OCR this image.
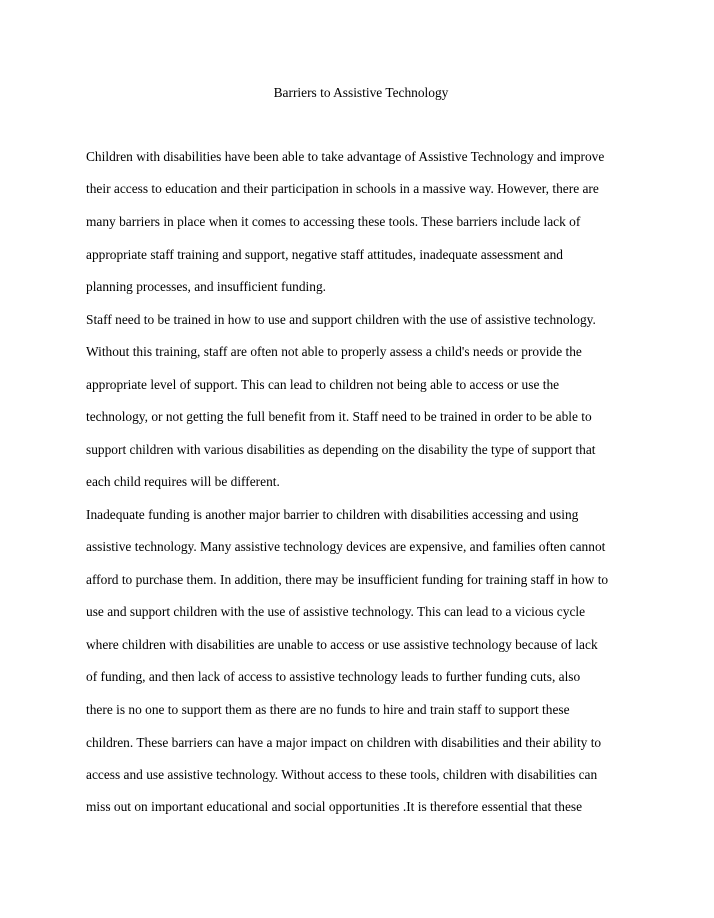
Barriers to Assistive Technology
Children with disabilities have been able to take advantage of Assistive Technology and improve
their access to education and their participation in schools in a massive way. However, there are
many barriers in place when it comes to accessing these tools. These barriers include lack of
appropriate staff training and support, negative staff attitudes, inadequate assessment and
planning processes, and insufficient funding.
Staff need to be trained in how to use and support children with the use of assistive technology.
Without this training, staff are often not able to properly assess a child's needs or provide the
appropriate level of support. This can lead to children not being able to access or use the
technology, or not getting the full benefit from it. Staff need to be trained in order to be able to
support children with various disabilities as depending on the disability the type of support that
each child requires will be different.
Inadequate funding is another major barrier to children with disabilities accessing and using
assistive technology. Many assistive technology devices are expensive, and families often cannot
afford to purchase them. In addition, there may be insufficient funding for training staff in how to
use and support children with the use of assistive technology. This can lead to a vicious cycle
where children with disabilities are unable to access or use assistive technology because of lack
of funding, and then lack of access to assistive technology leads to further funding cuts, also
there is no one to support them as there are no funds to hire and train staff to support these
children. These barriers can have a major impact on children with disabilities and their ability to
access and use assistive technology. Without access to these tools, children with disabilities can
miss out on important educational and social opportunities .It is therefore essential that these
